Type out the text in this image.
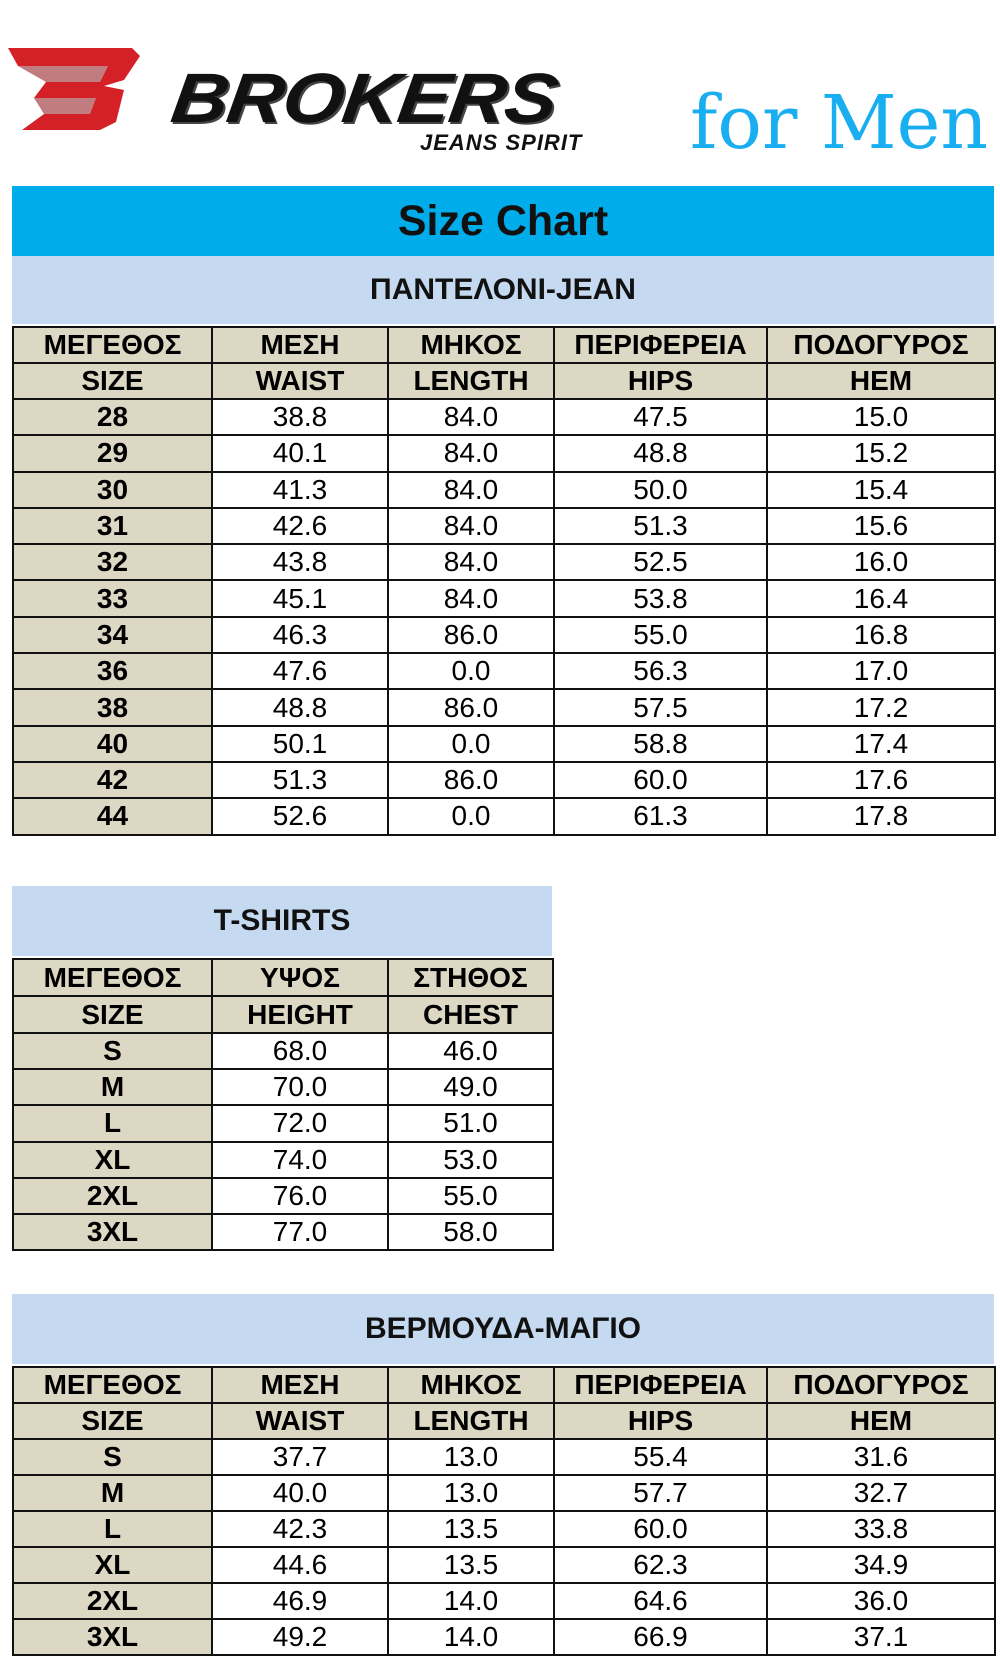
BROKERS
JEANS SPIRIT for Men
Size Chart
ΠΑΝΤΕΛΟΝΙ-JEAN
ΜΕΓΕΘΟΣ	ΜΕΣΗ	ΜΗΚΟΣ	ΠΕΡΙΦΕΡΕΙΑ	ΠΟΔΟΓΥΡΟΣ
SIZE	WAIST	LENGTH	HIPS	HEM
28	38.8	84.0	47.5	15.0
29	40.1	84.0	48.8	15.2
30	41.3	84.0	50.0	15.4
31	42.6	84.0	51.3	15.6
32	43.8	84.0	52.5	16.0
33	45.1	84.0	53.8	16.4
34	46.3	86.0	55.0	16.8
36	47.6	0.0	56.3	17.0
38	48.8	86.0	57.5	17.2
40	50.1	0.0	58.8	17.4
42	51.3	86.0	60.0	17.6
44	52.6	0.0	61.3	17.8
T-SHIRTS
ΜΕΓΕΘΟΣ	ΥΨΟΣ	ΣΤΗΘΟΣ
SIZE	HEIGHT	CHEST
S	68.0	46.0
M	70.0	49.0
L	72.0	51.0
XL	74.0	53.0
2XL	76.0	55.0
3XL	77.0	58.0
ΒΕΡΜΟΥΔΑ-ΜΑΓΙΟ
ΜΕΓΕΘΟΣ	ΜΕΣΗ	ΜΗΚΟΣ	ΠΕΡΙΦΕΡΕΙΑ	ΠΟΔΟΓΥΡΟΣ
SIZE	WAIST	LENGTH	HIPS	HEM
S	37.7	13.0	55.4	31.6
M	40.0	13.0	57.7	32.7
L	42.3	13.5	60.0	33.8
XL	44.6	13.5	62.3	34.9
2XL	46.9	14.0	64.6	36.0
3XL	49.2	14.0	66.9	37.1
